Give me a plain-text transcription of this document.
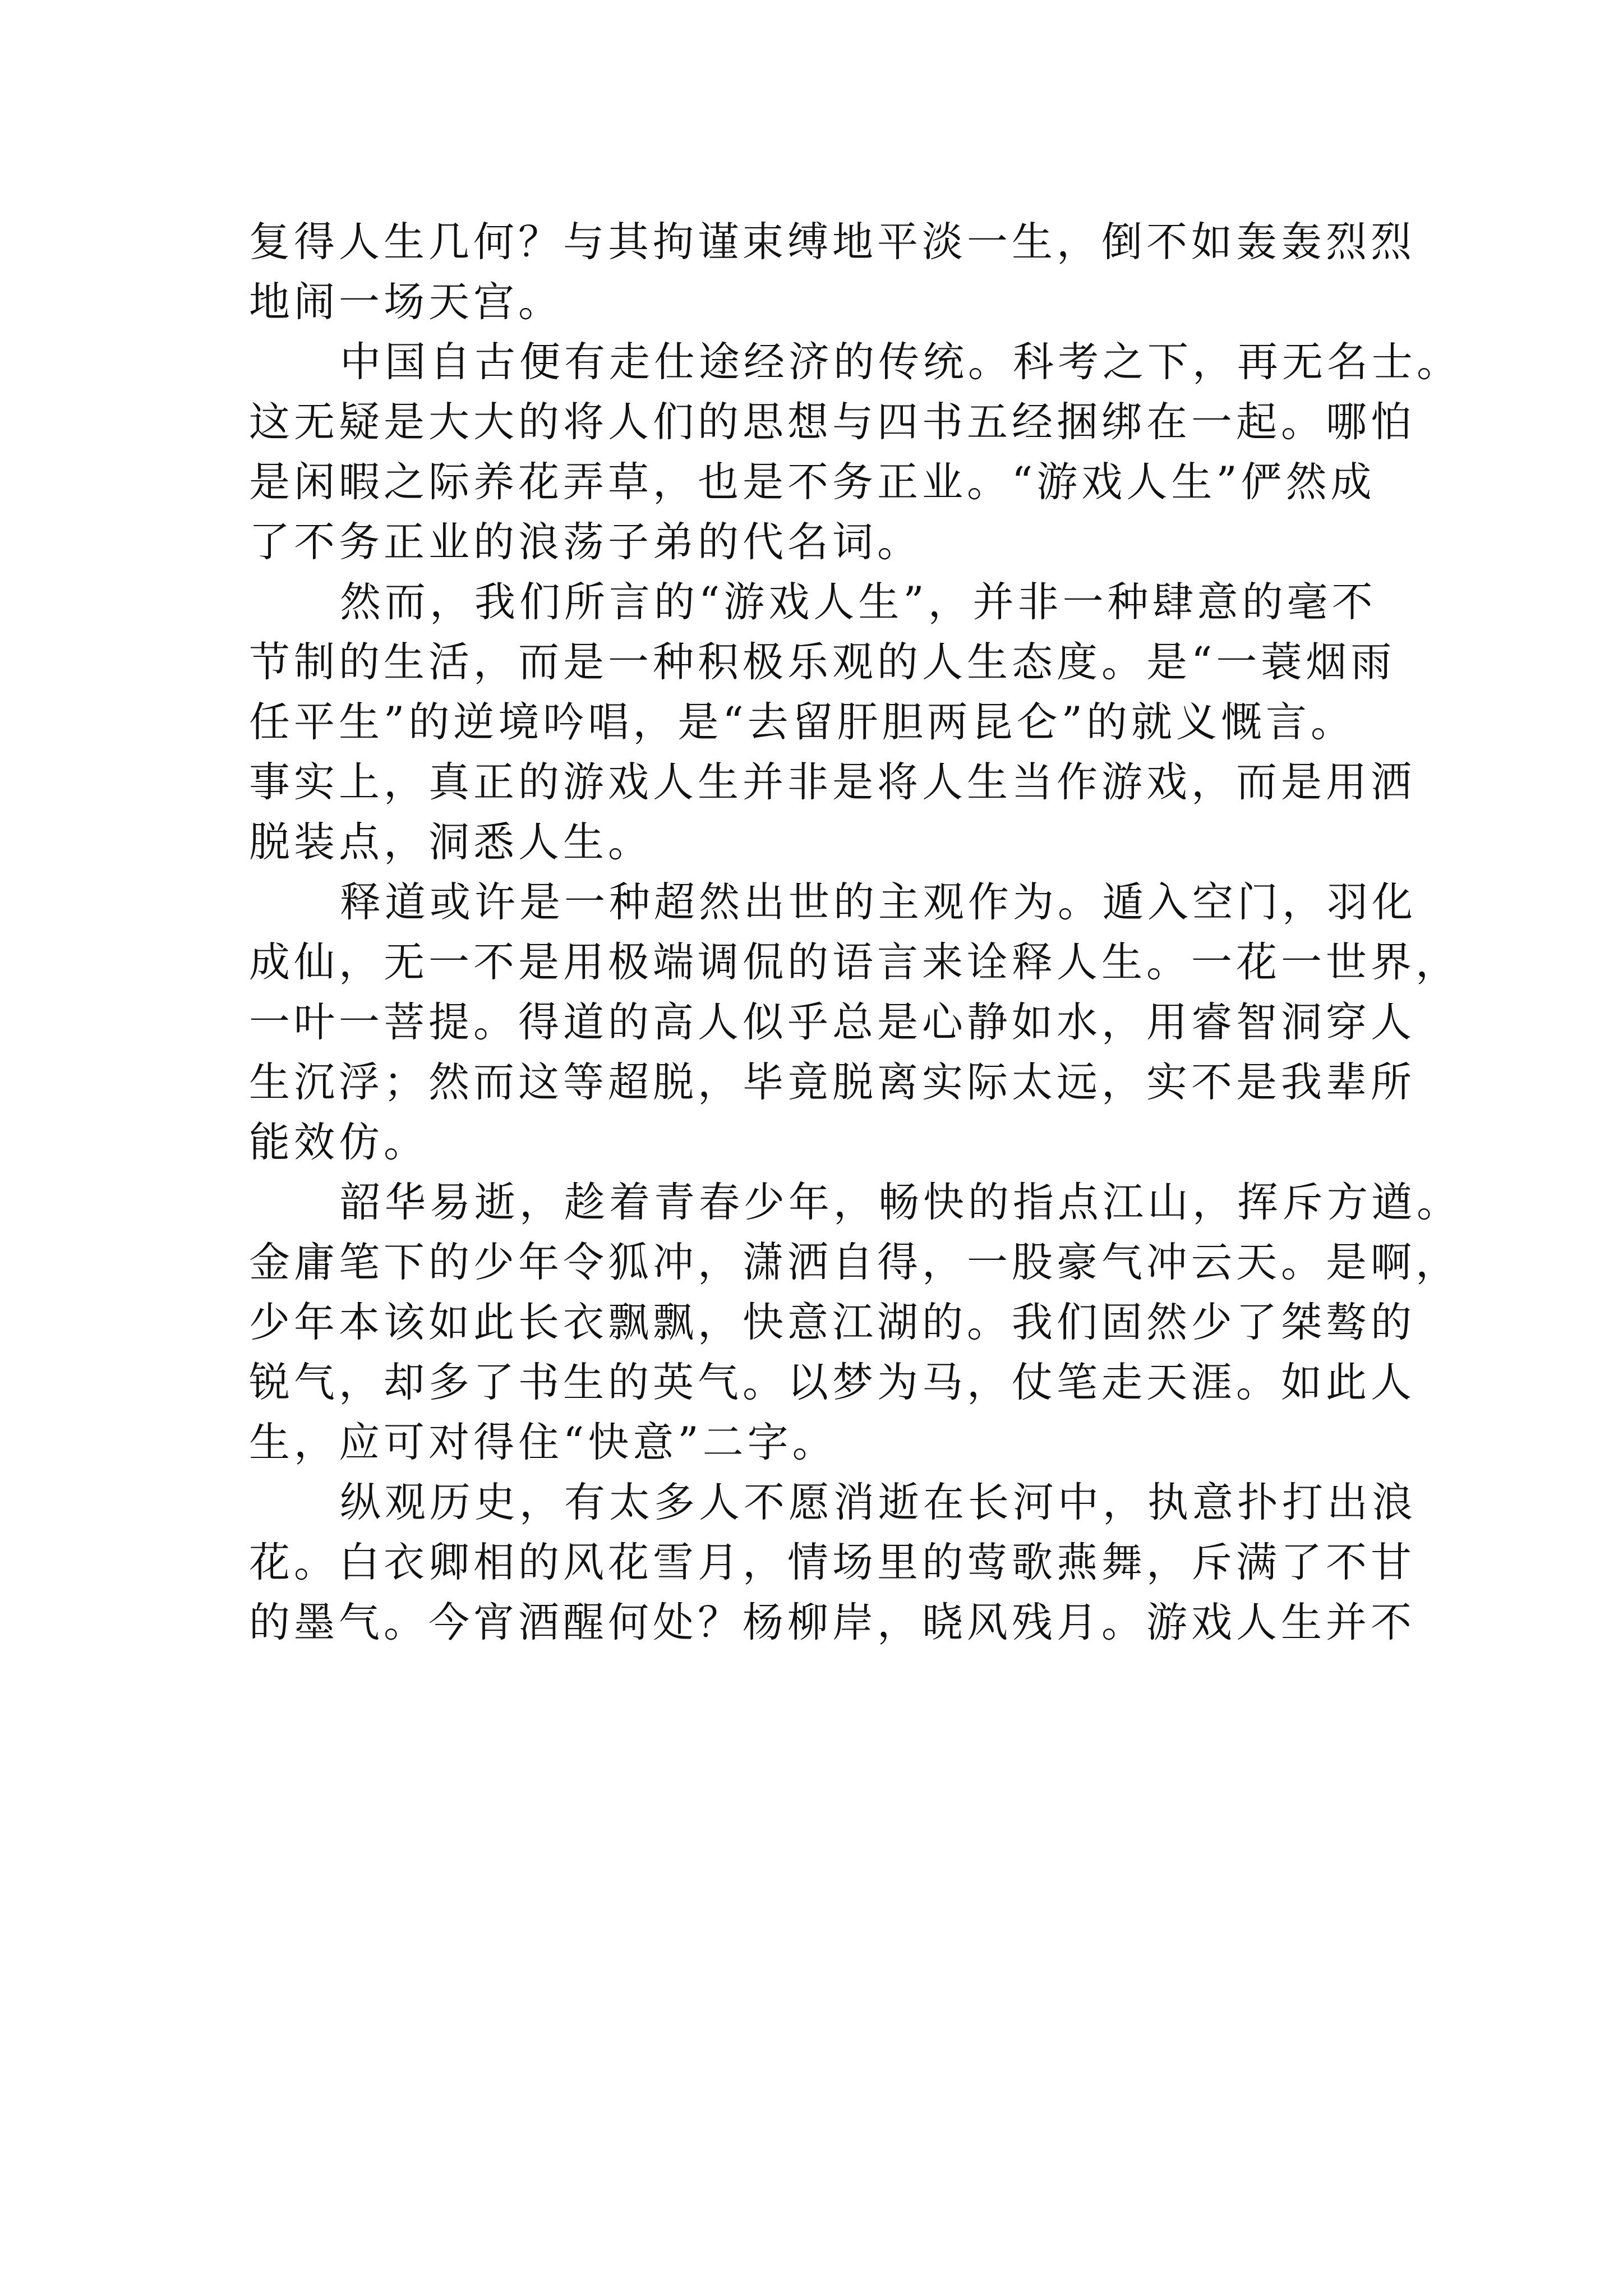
复得人生几何？与其拘谨束缚地平淡一生，倒不如轰轰烈烈
地闹一场天宫。
中国自古便有走仕途经济的传统。科考之下，再无名士。
这无疑是大大的将人们的思想与四书五经捆绑在一起。哪怕
是闲暇之际养花弄草，也是不务正业。“游戏人生”俨然成
了不务正业的浪荡子弟的代名词。
然而，我们所言的“游戏人生”，并非一种肆意的毫不
节制的生活，而是一种积极乐观的人生态度。是“一蓑烟雨
任平生”的逆境吟唱，是“去留肝胆两昆仑”的就义慨言。
事实上，真正的游戏人生并非是将人生当作游戏，而是用洒
脱装点，洞悉人生。
释道或许是一种超然出世的主观作为。遁入空门，羽化
成仙，无一不是用极端调侃的语言来诠释人生。一花一世界，
一叶一菩提。得道的高人似乎总是心静如水，用睿智洞穿人
生沉浮；然而这等超脱，毕竟脱离实际太远，实不是我辈所
能效仿。
韶华易逝，趁着青春少年，畅快的指点江山，挥斥方遒。
金庸笔下的少年令狐冲，潇洒自得，一股豪气冲云天。是啊，
少年本该如此长衣飘飘，快意江湖的。我们固然少了桀骜的
锐气，却多了书生的英气。以梦为马，仗笔走天涯。如此人
生，应可对得住“快意”二字。
纵观历史，有太多人不愿消逝在长河中，执意扑打出浪
花。白衣卿相的风花雪月，情场里的莺歌燕舞，斥满了不甘
的墨气。今宵酒醒何处？杨柳岸，晓风残月。游戏人生并不
